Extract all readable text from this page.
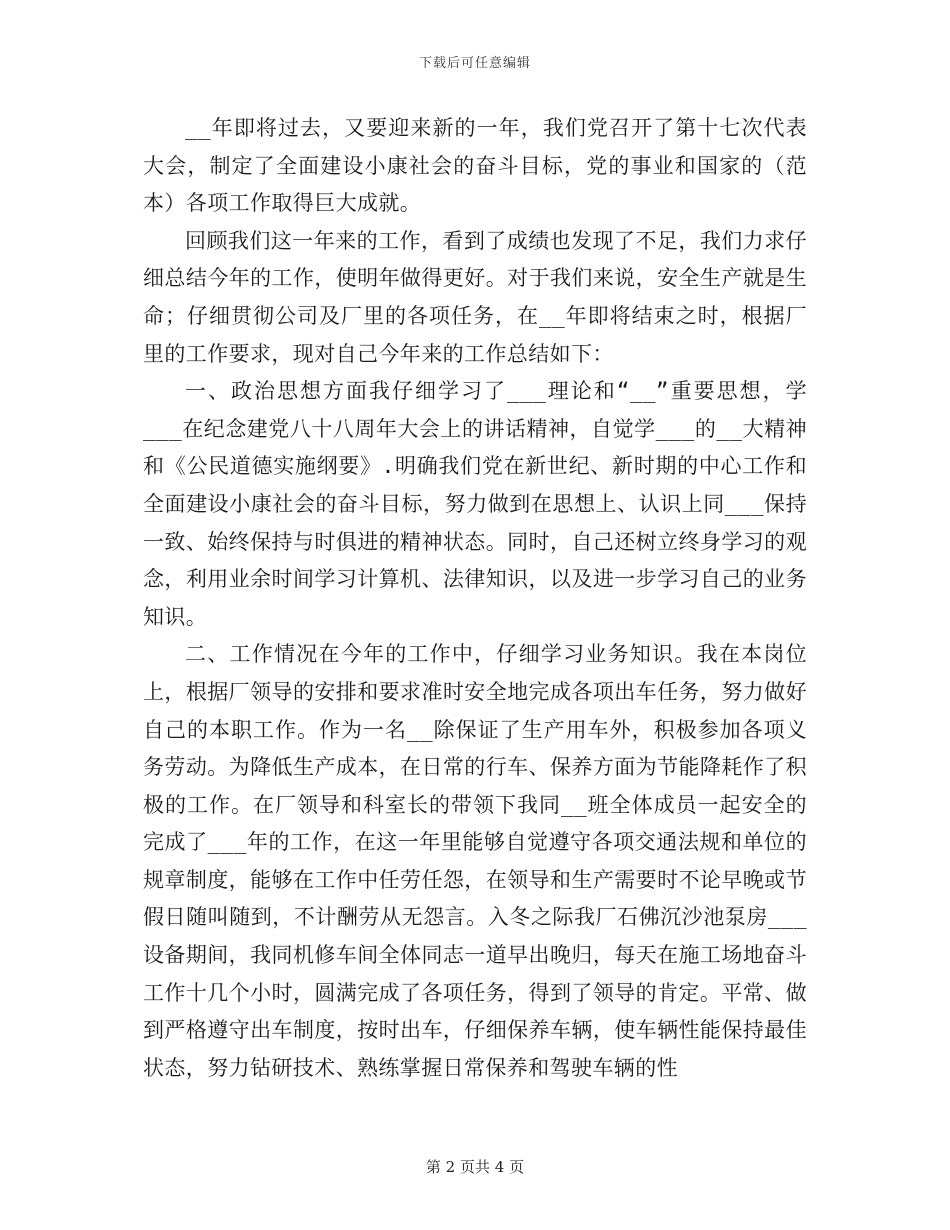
下载后可任意编辑

__年即将过去，又要迎来新的一年，我们党召开了第十七次代表大会，制定了全面建设小康社会的奋斗目标，党的事业和国家的（范本）各项工作取得巨大成就。

回顾我们这一年来的工作，看到了成绩也发现了不足，我们力求仔细总结今年的工作，使明年做得更好。对于我们来说，安全生产就是生命；仔细贯彻公司及厂里的各项任务，在__年即将结束之时，根据厂里的工作要求，现对自己今年来的工作总结如下：

一、政治思想方面我仔细学习了___理论和“__”重要思想，学___在纪念建党八十八周年大会上的讲话精神，自觉学___的__大精神和《公民道德实施纲要》.明确我们党在新世纪、新时期的中心工作和全面建设小康社会的奋斗目标，努力做到在思想上、认识上同___保持一致、始终保持与时俱进的精神状态。同时，自己还树立终身学习的观念，利用业余时间学习计算机、法律知识，以及进一步学习自己的业务知识。

二、工作情况在今年的工作中，仔细学习业务知识。我在本岗位上，根据厂领导的安排和要求准时安全地完成各项出车任务，努力做好自己的本职工作。作为一名__除保证了生产用车外，积极参加各项义务劳动。为降低生产成本，在日常的行车、保养方面为节能降耗作了积极的工作。在厂领导和科室长的带领下我同__班全体成员一起安全的完成了___年的工作，在这一年里能够自觉遵守各项交通法规和单位的规章制度，能够在工作中任劳任怨，在领导和生产需要时不论早晚或节假日随叫随到，不计酬劳从无怨言。入冬之际我厂石佛沉沙池泵房___设备期间，我同机修车间全体同志一道早出晚归，每天在施工场地奋斗工作十几个小时，圆满完成了各项任务，得到了领导的肯定。平常、做到严格遵守出车制度，按时出车，仔细保养车辆，使车辆性能保持最佳状态，努力钻研技术、熟练掌握日常保养和驾驶车辆的性

第 2 页共 4 页
